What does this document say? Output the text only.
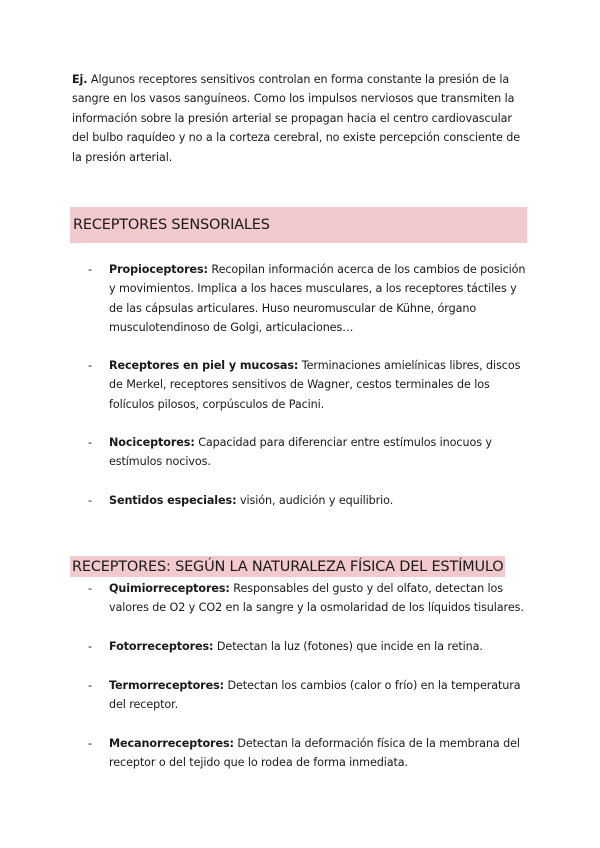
Ej. Algunos receptores sensitivos controlan en forma constante la presión de la sangre en los vasos sanguíneos. Como los impulsos nerviosos que transmiten la información sobre la presión arterial se propagan hacia el centro cardiovascular del bulbo raquídeo y no a la corteza cerebral, no existe percepción consciente de la presión arterial.
RECEPTORES SENSORIALES
-	Propioceptores: Recopilan información acerca de los cambios de posición y movimientos. Implica a los haces musculares, a los receptores táctiles y de las cápsulas articulares. Huso neuromuscular de Kühne, órgano musculotendinoso de Golgi, articulaciones…
-	Receptores en piel y mucosas: Terminaciones amielínicas libres, discos de Merkel, receptores sensitivos de Wagner, cestos terminales de los folículos pilosos, corpúsculos de Pacini.
-	Nociceptores: Capacidad para diferenciar entre estímulos inocuos y estímulos nocivos.
-	Sentidos especiales: visión, audición y equilibrio.
RECEPTORES: SEGÚN LA NATURALEZA FÍSICA DEL ESTÍMULO
-	Quimiorreceptores: Responsables del gusto y del olfato, detectan los valores de O2 y CO2 en la sangre y la osmolaridad de los líquidos tisulares.
-	Fotorreceptores: Detectan la luz (fotones) que incide en la retina.
-	Termorreceptores: Detectan los cambios (calor o frío) en la temperatura del receptor.
-	Mecanorreceptores: Detectan la deformación física de la membrana del receptor o del tejido que lo rodea de forma inmediata.
